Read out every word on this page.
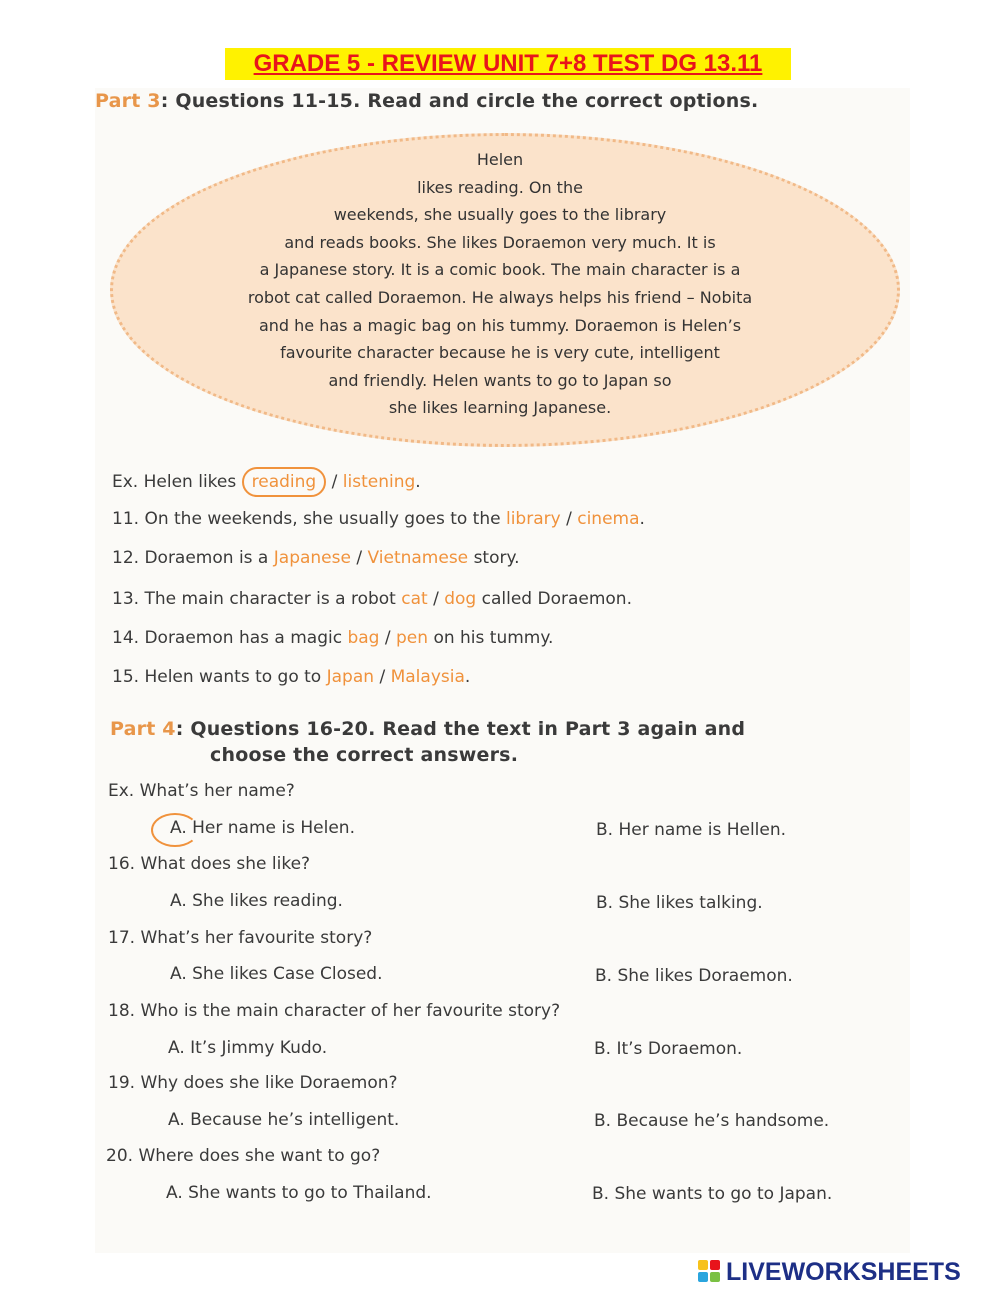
GRADE 5 - REVIEW UNIT 7+8 TEST DG 13.11
Part 3: Questions 11-15. Read and circle the correct options.
Helen
likes reading. On the
weekends, she usually goes to the library
and reads books. She likes Doraemon very much. It is
a Japanese story. It is a comic book. The main character is a
robot cat called Doraemon. He always helps his friend – Nobita
and he has a magic bag on his tummy. Doraemon is Helen’s
favourite character because he is very cute, intelligent
and friendly. Helen wants to go to Japan so
she likes learning Japanese.
Ex. Helen likes reading / listening.
11. On the weekends, she usually goes to the library / cinema.
12. Doraemon is a Japanese / Vietnamese story.
13. The main character is a robot cat / dog called Doraemon.
14. Doraemon has a magic bag / pen on his tummy.
15. Helen wants to go to Japan / Malaysia.
Part 4: Questions 16-20. Read the text in Part 3 again and
choose the correct answers.
Ex. What’s her name?
A. Her name is Helen.	B. Her name is Hellen.
16. What does she like?
A. She likes reading.	B. She likes talking.
17. What’s her favourite story?
A. She likes Case Closed.	B. She likes Doraemon.
18. Who is the main character of her favourite story?
A. It’s Jimmy Kudo.	B. It’s Doraemon.
19. Why does she like Doraemon?
A. Because he’s intelligent.	B. Because he’s handsome.
20. Where does she want to go?
A. She wants to go to Thailand.	B. She wants to go to Japan.
LIVEWORKSHEETS
